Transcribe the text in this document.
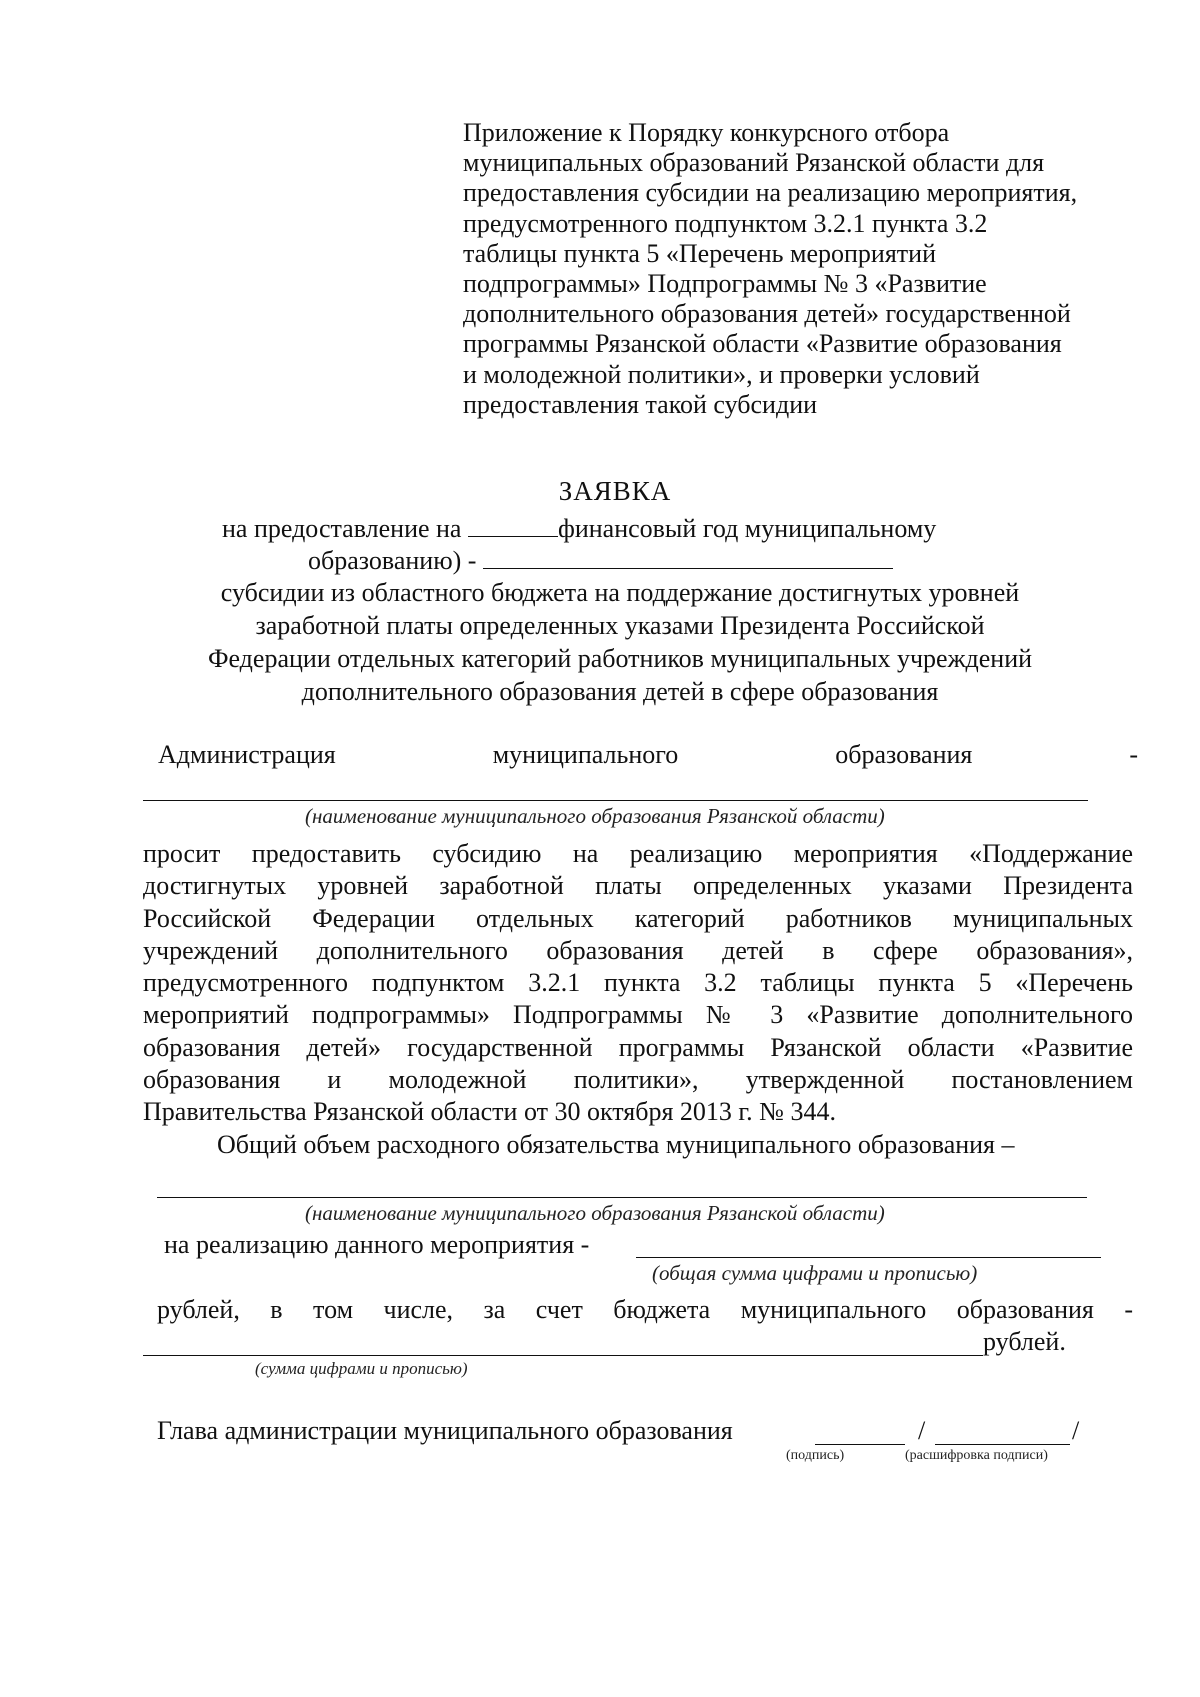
Приложение к Порядку конкурсного отбора
муниципальных образований Рязанской области для
предоставления субсидии на реализацию мероприятия,
предусмотренного подпунктом 3.2.1 пункта 3.2
таблицы пункта 5 «Перечень мероприятий
подпрограммы» Подпрограммы № 3 «Развитие
дополнительного образования детей» государственной
программы Рязанской области «Развитие образования
и молодежной политики», и проверки условий
предоставления такой субсидии
ЗАЯВКА
на предоставление на	финансовый год муниципальному
образованию) -
субсидии из областного бюджета на поддержание достигнутых уровней
заработной платы определенных указами Президента Российской
Федерации отдельных категорий работников муниципальных учреждений
дополнительного образования детей в сфере образования
Администрация	муниципального	образования	-
(наименование муниципального образования Рязанской области)
просит предоставить субсидию на реализацию мероприятия «Поддержание
достигнутых уровней заработной платы определенных указами Президента
Российской Федерации отдельных категорий работников муниципальных
учреждений дополнительного образования детей в сфере образования»,
предусмотренного подпунктом 3.2.1 пункта 3.2 таблицы пункта 5 «Перечень
мероприятий подпрограммы» Подпрограммы № 3 «Развитие дополнительного
образования детей» государственной программы Рязанской области «Развитие
образования и молодежной политики», утвержденной постановлением
Правительства Рязанской области от 30 октября 2013 г. № 344.
Общий объем расходного обязательства муниципального образования –
(наименование муниципального образования Рязанской области)
на реализацию данного мероприятия -
(общая сумма цифрами и прописью)
рублей, в том числе, за счет бюджета муниципального образования -
рублей.
(сумма цифрами и прописью)
Глава администрации муниципального образования	/	/
(подпись)	(расшифровка подписи)
